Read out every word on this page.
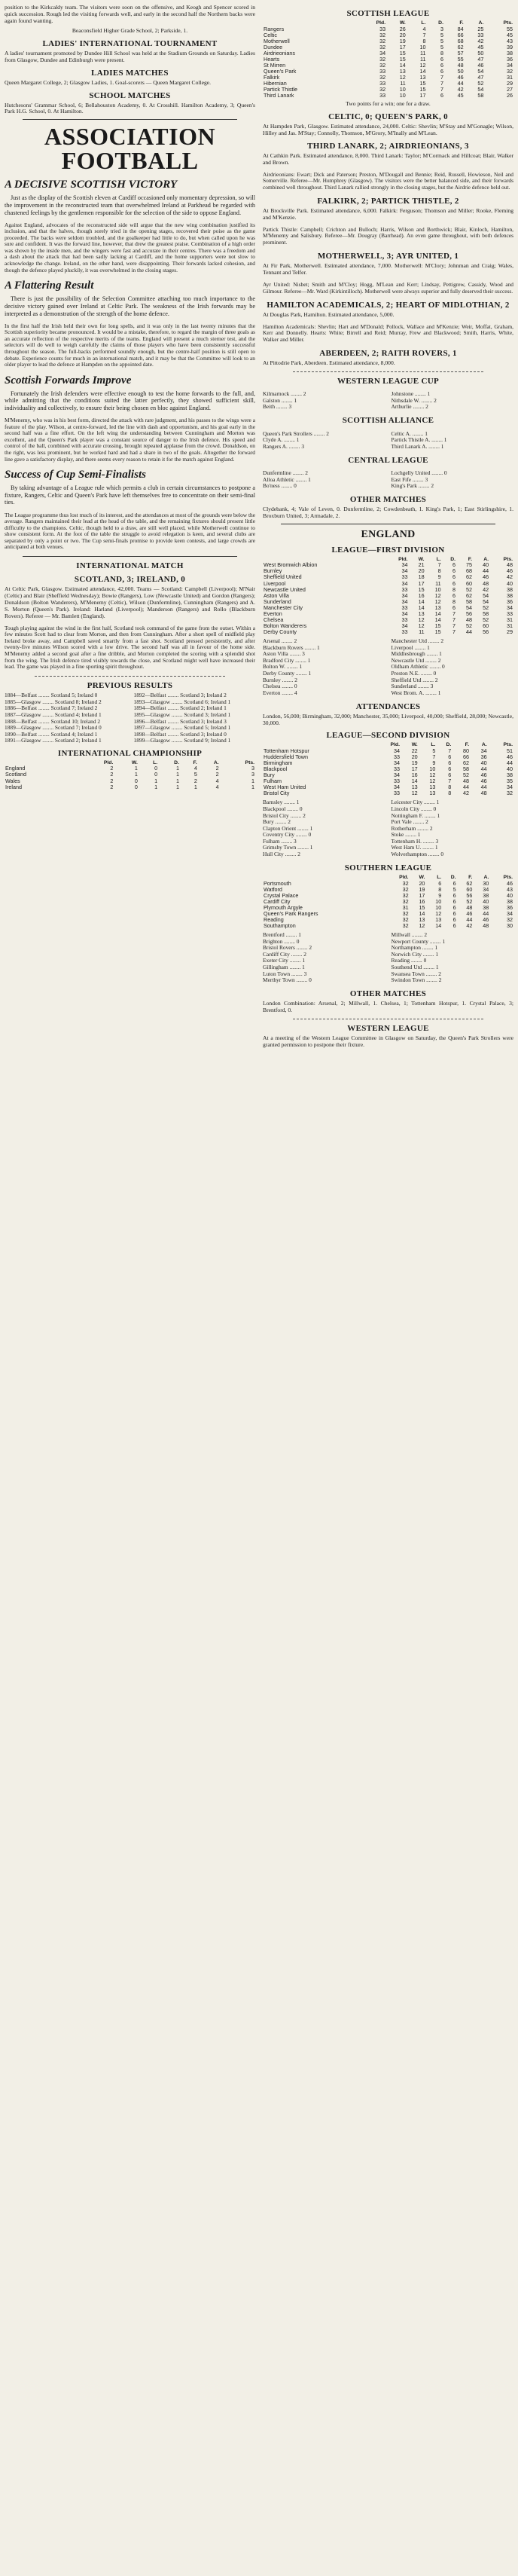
position to the Kirkcaldy team. The visitors were soon on the offensive, and Keogh and Spencer scored in quick succession. Rough led the visiting forwards well, and early in the second half the Northern backs were again found wanting.

Beaconsfield Higher Grade School, 2; Parkside, 1.

LADIES' INTERNATIONAL TOURNAMENT

A ladies' tournament promoted by Dundee Hill School was held at the Stadium Grounds on Saturday. Ladies from Glasgow, Dundee and Edinburgh were present.

LADIES MATCHES

Queen Margaret College, 2; Glasgow Ladies, 1. Goal-scorers — Queen Margaret College.

SCHOOL MATCHES

Hutchesons' Grammar School, 6; Bellahouston Academy, 0. At Crosshill. Hamilton Academy, 3; Queen's Park H.G. School, 0. At Hamilton.

ASSOCIATION FOOTBALL
A DECISIVE SCOTTISH VICTORY

Just as the display of the Scottish eleven at Cardiff occasioned only momentary depression, so will the improvement in the reconstructed team that overwhelmed Ireland at Parkhead be regarded with chastened feelings by the gentlemen responsible for the selection of the side to oppose England.

Against England, advocates of the reconstructed side will argue that the new wing combination justified its inclusion, and that the halves, though sorely tried in the opening stages, recovered their poise as the game proceeded. The backs were seldom troubled, and the goalkeeper had little to do, but when called upon he was sure and confident. It was the forward line, however, that drew the greatest praise. Combination of a high order was shown by the inside men, and the wingers were fast and accurate in their centres. There was a freedom and a dash about the attack that had been sadly lacking at Cardiff, and the home supporters were not slow to acknowledge the change. Ireland, on the other hand, were disappointing. Their forwards lacked cohesion, and though the defence played pluckily, it was overwhelmed in the closing stages.

A Flattering Result

There is just the possibility of the Selection Committee attaching too much importance to the decisive victory gained over Ireland at Celtic Park. The weakness of the Irish forwards may be interpreted as a demonstration of the strength of the home defence.

In the first half the Irish held their own for long spells, and it was only in the last twenty minutes that the Scottish superiority became pronounced. It would be a mistake, therefore, to regard the margin of three goals as an accurate reflection of the respective merits of the teams. England will present a much sterner test, and the selectors will do well to weigh carefully the claims of those players who have been consistently successful throughout the season. The full-backs performed soundly enough, but the centre-half position is still open to debate. Experience counts for much in an international match, and it may be that the Committee will look to an older player to lead the defence at Hampden on the appointed date.

Scottish Forwards Improve

Fortunately the Irish defenders were effective enough to test the home forwards to the full, and, while admitting that the conditions suited the latter perfectly, they showed sufficient skill, individuality and collectively, to ensure their being chosen en bloc against England.

M'Menemy, who was in his best form, directed the attack with rare judgment, and his passes to the wings were a feature of the play. Wilson, at centre-forward, led the line with dash and opportunism, and his goal early in the second half was a fine effort. On the left wing the understanding between Cunningham and Morton was excellent, and the Queen's Park player was a constant source of danger to the Irish defence. His speed and control of the ball, combined with accurate crossing, brought repeated applause from the crowd. Donaldson, on the right, was less prominent, but he worked hard and had a share in two of the goals. Altogether the forward line gave a satisfactory display, and there seems every reason to retain it for the match against England.

Success of Cup Semi-Finalists

By taking advantage of a League rule which permits a club in certain circumstances to postpone a fixture, Rangers, Celtic and Queen's Park have left themselves free to concentrate on their semi-final ties.

The League programme thus lost much of its interest, and the attendances at most of the grounds were below the average. Rangers maintained their lead at the head of the table, and the remaining fixtures should present little difficulty to the champions. Celtic, though held to a draw, are still well placed, while Motherwell continue to show consistent form. At the foot of the table the struggle to avoid relegation is keen, and several clubs are separated by only a point or two. The Cup semi-finals promise to provide keen contests, and large crowds are anticipated at both venues.

INTERNATIONAL MATCH
SCOTLAND, 3; IRELAND, 0

At Celtic Park, Glasgow. Estimated attendance, 42,000. Teams — Scotland: Campbell (Liverpool); M'Nair (Celtic) and Blair (Sheffield Wednesday); Bowie (Rangers), Low (Newcastle United) and Gordon (Rangers); Donaldson (Bolton Wanderers), M'Menemy (Celtic), Wilson (Dunfermline), Cunningham (Rangers) and A. S. Morton (Queen's Park). Ireland: Harland (Liverpool); Manderson (Rangers) and Rollo (Blackburn Rovers). Referee — Mr. Bamlett (England).

Tough playing against the wind in the first half, Scotland took command of the game from the outset. Within a few minutes Scott had to clear from Morton, and then from Cunningham. After a short spell of midfield play Ireland broke away, and Campbell saved smartly from a fast shot. Scotland pressed persistently, and after twenty-five minutes Wilson scored with a low drive. The second half was all in favour of the home side. M'Menemy added a second goal after a fine dribble, and Morton completed the scoring with a splendid shot from the wing. The Irish defence tired visibly towards the close, and Scotland might well have increased their lead. The game was played in a fine sporting spirit throughout.

PREVIOUS RESULTS
1884—Belfast ........ Scotland 5; Ireland 0
1885—Glasgow ........ Scotland 8; Ireland 2
1886—Belfast ........ Scotland 7; Ireland 2
1887—Glasgow ........ Scotland 4; Ireland 1
1888—Belfast ........ Scotland 10; Ireland 2
1889—Glasgow ........ Scotland 7; Ireland 0
1890—Belfast ........ Scotland 4; Ireland 1
1891—Glasgow ........ Scotland 2; Ireland 1
1892—Belfast ........ Scotland 3; Ireland 2
1893—Glasgow ........ Scotland 6; Ireland 1
1894—Belfast ........ Scotland 2; Ireland 1
1895—Glasgow ........ Scotland 3; Ireland 1
1896—Belfast ........ Scotland 3; Ireland 3
1897—Glasgow ........ Scotland 5; Ireland 1
1898—Belfast ........ Scotland 3; Ireland 0
1899—Glasgow ........ Scotland 9; Ireland 1
INTERNATIONAL CHAMPIONSHIP
	Pld.	W.	L.	D.	F.	A.	Pts.
England	2	1	0	1	4	2	3
Scotland	2	1	0	1	5	2	3
Wales	2	0	1	1	2	4	1
Ireland	2	0	1	1	1	4	1
SCOTTISH LEAGUE
	Pld.	W.	L.	D.	F.	A.	Pts.
Rangers	33	26	4	3	84	25	55
Celtic	32	20	7	5	66	33	45
Motherwell	32	19	8	5	68	42	43
Dundee	32	17	10	5	62	45	39
Airdrieonians	34	15	11	8	57	50	38
Hearts	32	15	11	6	55	47	36
St Mirren	32	14	12	6	48	46	34
Queen's Park	33	13	14	6	50	54	32
Falkirk	32	12	13	7	46	47	31
Hibernian	33	11	15	7	44	52	29
Partick Thistle	32	10	15	7	42	54	27
Third Lanark	33	10	17	6	45	58	26

Two points for a win; one for a draw.

CELTIC, 0; QUEEN'S PARK, 0

At Hampden Park, Glasgow. Estimated attendance, 24,000. Celtic: Shevlin; M'Stay and M'Gonagle; Wilson, Hilley and Jas. M'Stay; Connolly, Thomson, M'Grory, M'Inally and M'Lean.

THIRD LANARK, 2; AIRDRIEONIANS, 3

At Cathkin Park. Estimated attendance, 8,000. Third Lanark: Taylor; M'Cormack and Hillcoat; Blair, Walker and Brown.

Airdrieonians: Ewart; Dick and Paterson; Preston, M'Dougall and Bennie; Reid, Russell, Howieson, Neil and Somerville. Referee—Mr. Humphrey (Glasgow). The visitors were the better balanced side, and their forwards combined well throughout. Third Lanark rallied strongly in the closing stages, but the Airdrie defence held out.

FALKIRK, 2; PARTICK THISTLE, 2

At Brockville Park. Estimated attendance, 6,000. Falkirk: Ferguson; Thomson and Miller; Rooke, Fleming and M'Kenzie.

Partick Thistle: Campbell; Crichton and Bulloch; Harris, Wilson and Borthwick; Blair, Kinloch, Hamilton, M'Menemy and Salisbury. Referee—Mr. Dougray (Barrhead). An even game throughout, with both defences prominent.

MOTHERWELL, 3; AYR UNITED, 1

At Fir Park, Motherwell. Estimated attendance, 7,000. Motherwell: M'Clory; Johnman and Craig; Wales, Tennant and Telfer.

Ayr United: Nisbet; Smith and M'Cloy; Hogg, M'Lean and Kerr; Lindsay, Pettigrew, Cassidy, Wood and Gilmour. Referee—Mr. Ward (Kirkintilloch). Motherwell were always superior and fully deserved their success.

HAMILTON ACADEMICALS, 2; HEART OF MIDLOTHIAN, 2

At Douglas Park, Hamilton. Estimated attendance, 5,000.

Hamilton Academicals: Shevlin; Hart and M'Donald; Pollock, Wallace and M'Kenzie; Weir, Moffat, Graham, Kerr and Donnelly. Hearts: White; Birrell and Reid; Murray, Frew and Blackwood; Smith, Harris, White, Walker and Miller.

ABERDEEN, 2; RAITH ROVERS, 1

At Pittodrie Park, Aberdeen. Estimated attendance, 8,000.

WESTERN LEAGUE CUP

Kilmarnock ........ 2
Galston ........ 1
Beith ........ 3
Johnstone ........ 1
Nithsdale W. ........ 2
Arthurlie ........ 2

SCOTTISH ALLIANCE

Queen's Park Strollers ........ 2
Clyde A. ........ 1
Rangers A. ........ 3
Celtic A. ........ 1
Partick Thistle A. ........ 1
Third Lanark A. ........ 1

CENTRAL LEAGUE

Dunfermline ........ 2
Alloa Athletic ........ 1
Bo'ness ........ 0
Lochgelly United ........ 0
East Fife ........ 3
King's Park ........ 2

OTHER MATCHES

Clydebank, 4; Vale of Leven, 0. Dunfermline, 2; Cowdenbeath, 1. King's Park, 1; East Stirlingshire, 1. Broxburn United, 3; Armadale, 2.

ENGLAND
LEAGUE—FIRST DIVISION
	Pld.	W.	L.	D.	F.	A.	Pts.
West Bromwich Albion	34	21	7	6	75	40	48
Burnley	34	20	8	6	68	44	46
Sheffield United	33	18	9	6	62	46	42
Liverpool	34	17	11	6	60	48	40
Newcastle United	33	15	10	8	52	42	38
Aston Villa	34	16	12	6	62	54	38
Sunderland	34	14	12	8	58	54	36
Manchester City	33	14	13	6	54	52	34
Everton	34	13	14	7	56	58	33
Chelsea	33	12	14	7	48	52	31
Bolton Wanderers	34	12	15	7	52	60	31
Derby County	33	11	15	7	44	56	29

Arsenal ........ 2
Blackburn Rovers ........ 1
Aston Villa ........ 3
Bradford City ........ 1
Bolton W. ........ 1
Derby County ........ 1
Burnley ........ 2
Chelsea ........ 0
Everton ........ 4
Manchester Utd ........ 2
Liverpool ........ 1
Middlesbrough ........ 1
Newcastle Utd ........ 2
Oldham Athletic ........ 0
Preston N.E. ........ 0
Sheffield Utd ........ 2
Sunderland ........ 3
West Brom. A. ........ 1

ATTENDANCES

London, 56,000; Birmingham, 32,000; Manchester, 35,000; Liverpool, 40,000; Sheffield, 28,000; Newcastle, 30,000.

LEAGUE—SECOND DIVISION
	Pld.	W.	L.	D.	F.	A.	Pts.
Tottenham Hotspur	34	22	5	7	80	34	51
Huddersfield Town	33	20	7	6	66	36	46
Birmingham	34	19	9	6	62	40	44
Blackpool	33	17	10	6	58	44	40
Bury	34	16	12	6	52	46	38
Fulham	33	14	12	7	48	46	35
West Ham United	34	13	13	8	44	44	34
Bristol City	33	12	13	8	42	48	32

Barnsley ........ 1
Blackpool ........ 0
Bristol City ........ 2
Bury ........ 2
Clapton Orient ........ 1
Coventry City ........ 0
Fulham ........ 3
Grimsby Town ........ 1
Hull City ........ 2
Leicester City ........ 1
Lincoln City ........ 0
Nottingham F. ........ 1
Port Vale ........ 2
Rotherham ........ 2
Stoke ........ 1
Tottenham H. ........ 3
West Ham U. ........ 1
Wolverhampton ........ 0

SOUTHERN LEAGUE
	Pld.	W.	L.	D.	F.	A.	Pts.
Portsmouth	32	20	6	6	62	30	46
Watford	32	19	8	5	60	34	43
Crystal Palace	32	17	9	6	56	38	40
Cardiff City	32	16	10	6	52	40	38
Plymouth Argyle	31	15	10	6	48	38	36
Queen's Park Rangers	32	14	12	6	46	44	34
Reading	32	13	13	6	44	46	32
Southampton	32	12	14	6	42	48	30

Brentford ........ 1
Brighton ........ 0
Bristol Rovers ........ 2
Cardiff City ........ 2
Exeter City ........ 1
Gillingham ........ 1
Luton Town ........ 3
Merthyr Town ........ 0
Millwall ........ 2
Newport County ........ 1
Northampton ........ 1
Norwich City ........ 1
Reading ........ 0
Southend Utd ........ 1
Swansea Town ........ 2
Swindon Town ........ 2

OTHER MATCHES

London Combination: Arsenal, 2; Millwall, 1. Chelsea, 1; Tottenham Hotspur, 1. Crystal Palace, 3; Brentford, 0.

WESTERN LEAGUE

At a meeting of the Western League Committee in Glasgow on Saturday, the Queen's Park Strollers were granted permission to postpone their fixture.
